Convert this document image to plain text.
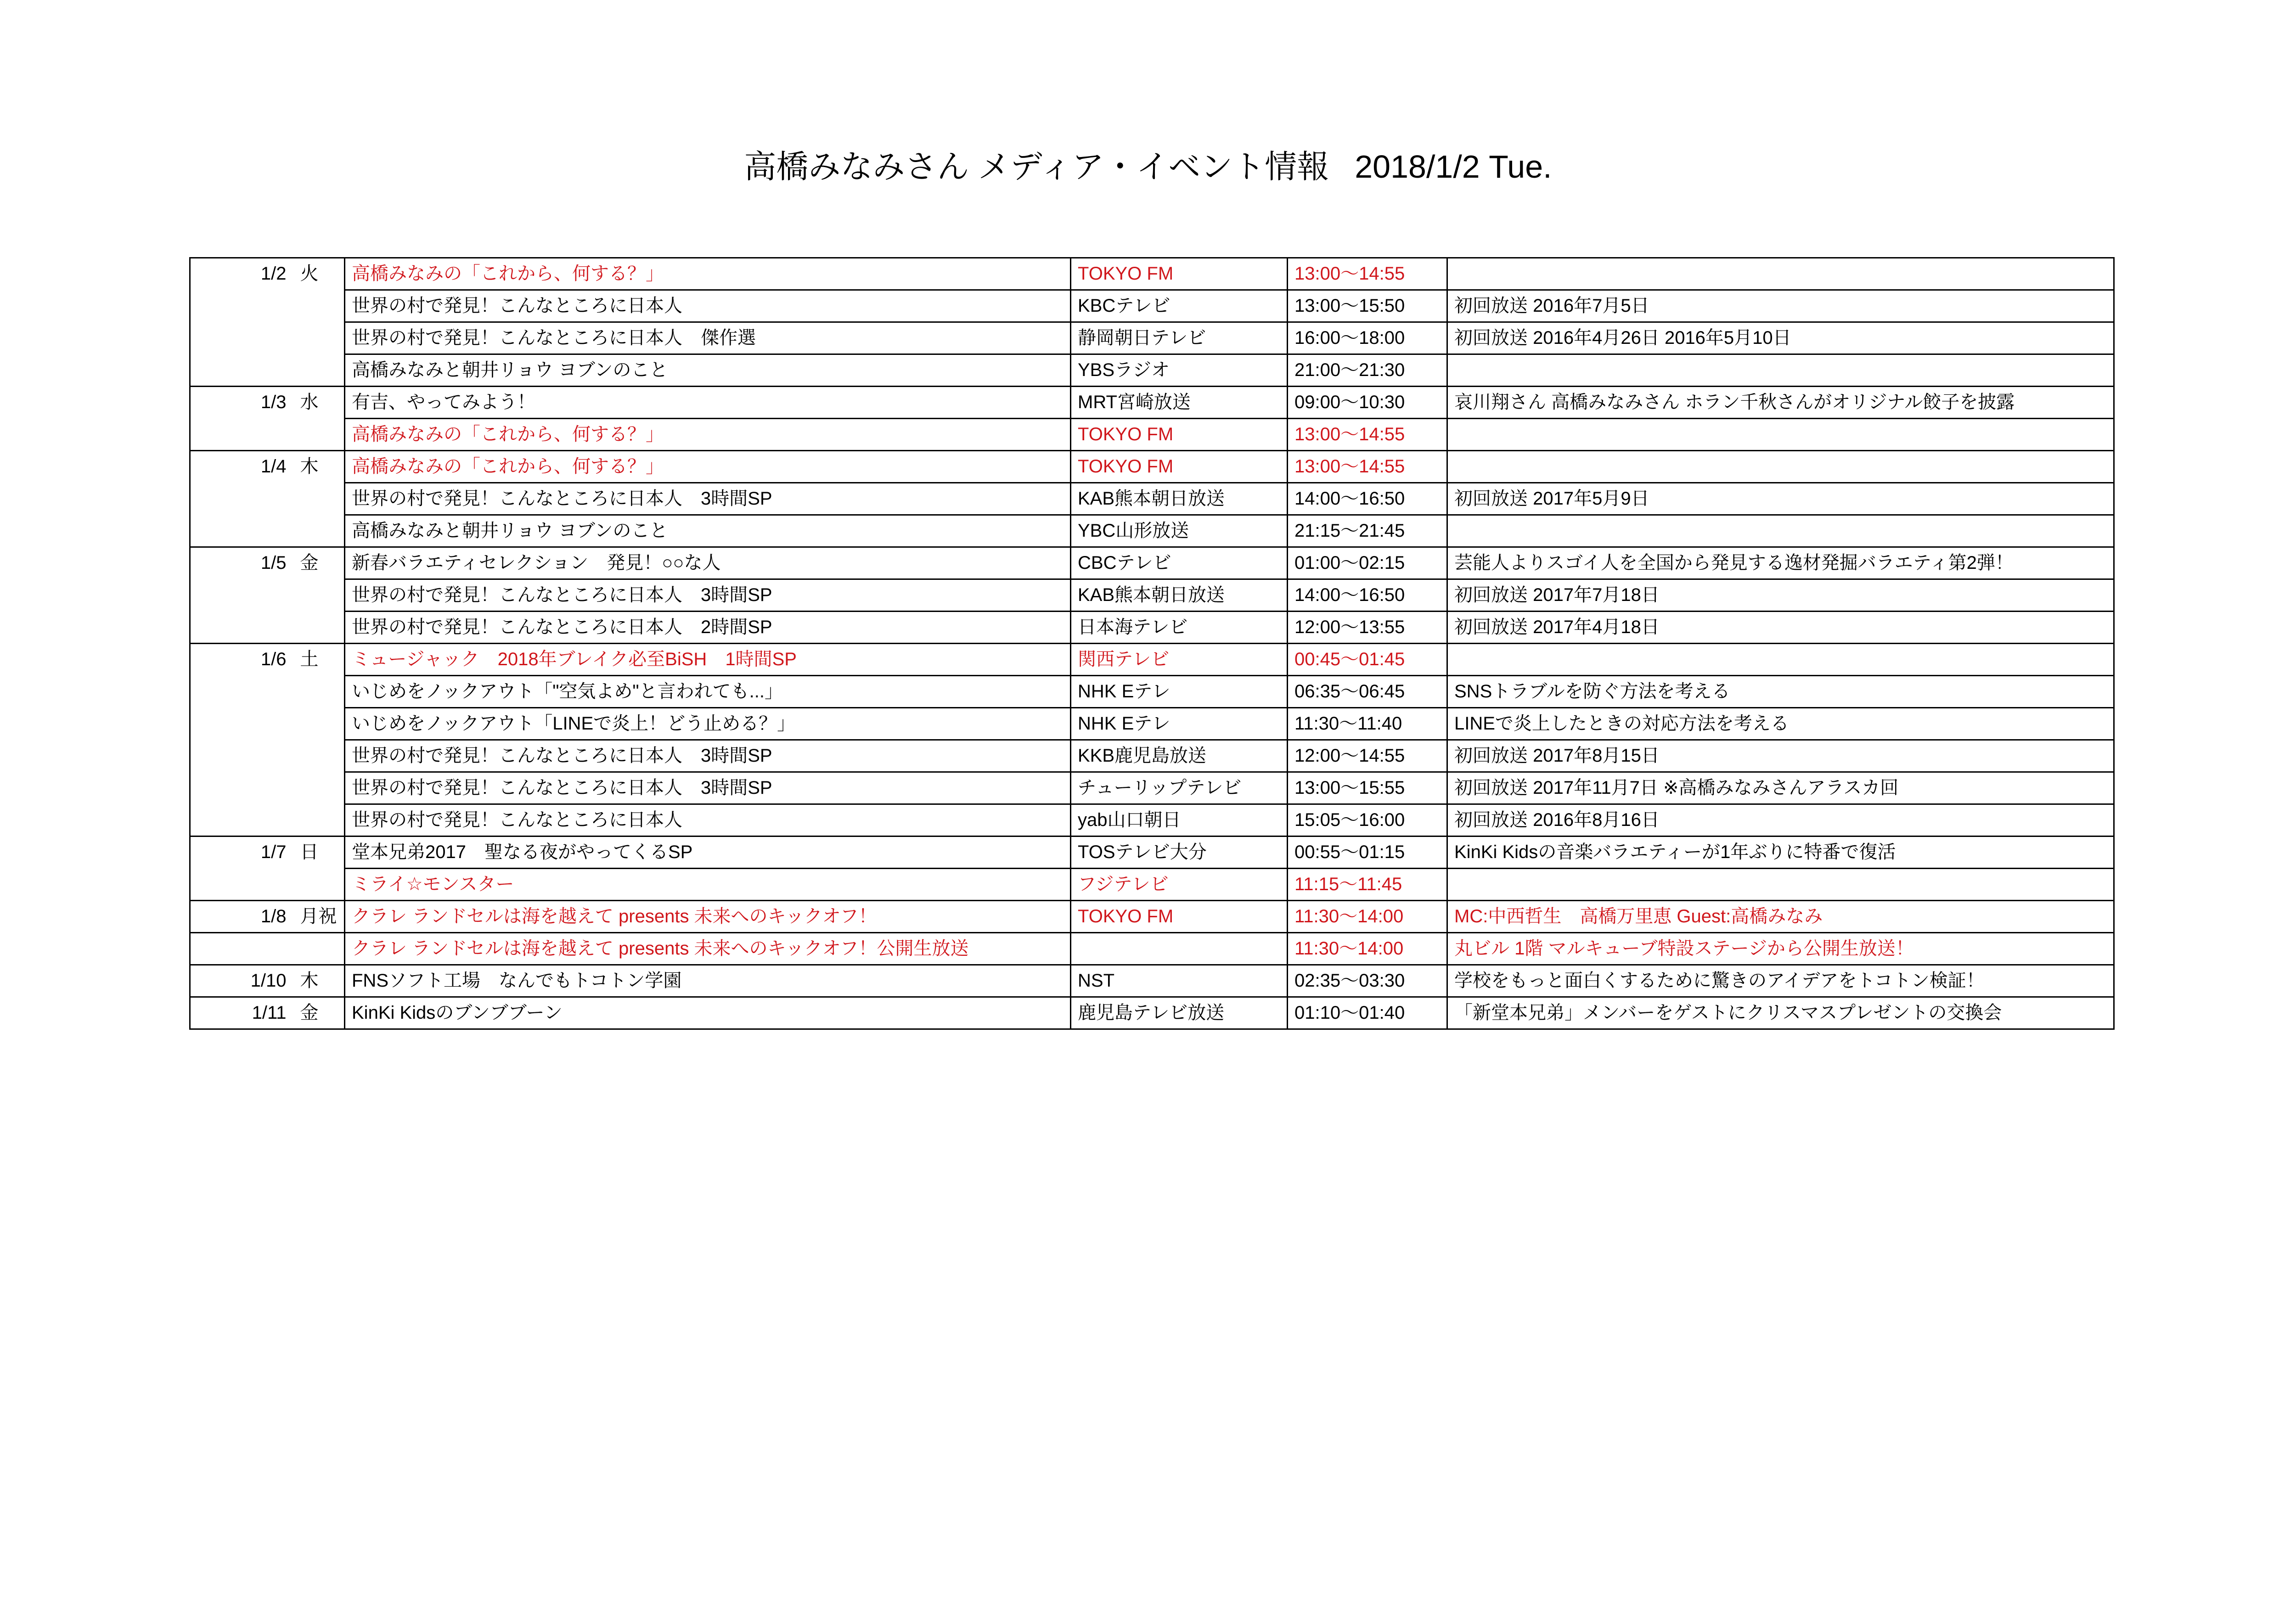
高橋みなみさん メディア・イベント情報 2018/1/2 Tue.
1/2	火	高橋みなみの「これから、何する？」	TOKYO FM	13:00〜14:55	
		世界の村で発見！こんなところに日本人	KBCテレビ	13:00〜15:50	初回放送 2016年7月5日
		世界の村で発見！こんなところに日本人　傑作選	静岡朝日テレビ	16:00〜18:00	初回放送 2016年4月26日 2016年5月10日
		高橋みなみと朝井リョウ ヨブンのこと	YBSラジオ	21:00〜21:30	
1/3	水	有吉、やってみよう！	MRT宮崎放送	09:00〜10:30	哀川翔さん 高橋みなみさん ホラン千秋さんがオリジナル餃子を披露
		高橋みなみの「これから、何する？」	TOKYO FM	13:00〜14:55	
1/4	木	高橋みなみの「これから、何する？」	TOKYO FM	13:00〜14:55	
		世界の村で発見！こんなところに日本人　3時間SP	KAB熊本朝日放送	14:00〜16:50	初回放送 2017年5月9日
		高橋みなみと朝井リョウ ヨブンのこと	YBC山形放送	21:15〜21:45	
1/5	金	新春バラエティセレクション　発見！○○な人	CBCテレビ	01:00〜02:15	芸能人よりスゴイ人を全国から発見する逸材発掘バラエティ第2弾！
		世界の村で発見！こんなところに日本人　3時間SP	KAB熊本朝日放送	14:00〜16:50	初回放送 2017年7月18日
		世界の村で発見！こんなところに日本人　2時間SP	日本海テレビ	12:00〜13:55	初回放送 2017年4月18日
1/6	土	ミュージャック　2018年ブレイク必至BiSH　1時間SP	関西テレビ	00:45〜01:45	
		いじめをノックアウト「"空気よめ"と言われても...」	NHK Eテレ	06:35〜06:45	SNSトラブルを防ぐ方法を考える
		いじめをノックアウト「LINEで炎上！どう止める？」	NHK Eテレ	11:30〜11:40	LINEで炎上したときの対応方法を考える
		世界の村で発見！こんなところに日本人　3時間SP	KKB鹿児島放送	12:00〜14:55	初回放送 2017年8月15日
		世界の村で発見！こんなところに日本人　3時間SP	チューリップテレビ	13:00〜15:55	初回放送 2017年11月7日 ※高橋みなみさんアラスカ回
		世界の村で発見！こんなところに日本人	yab山口朝日	15:05〜16:00	初回放送 2016年8月16日
1/7	日	堂本兄弟2017　聖なる夜がやってくるSP	TOSテレビ大分	00:55〜01:15	KinKi Kidsの音楽バラエティーが1年ぶりに特番で復活
		ミライ☆モンスター	フジテレビ	11:15〜11:45	
1/8	月祝	クラレ ランドセルは海を越えて presents 未来へのキックオフ！	TOKYO FM	11:30〜14:00	MC:中西哲生　高橋万里恵 Guest:高橋みなみ
		クラレ ランドセルは海を越えて presents 未来へのキックオフ！公開生放送		11:30〜14:00	丸ビル 1階 マルキューブ特設ステージから公開生放送！
1/10	木	FNSソフト工場　なんでもトコトン学園	NST	02:35〜03:30	学校をもっと面白くするために驚きのアイデアをトコトン検証！
1/11	金	KinKi Kidsのブンブブーン	鹿児島テレビ放送	01:10〜01:40	「新堂本兄弟」メンバーをゲストにクリスマスプレゼントの交換会
